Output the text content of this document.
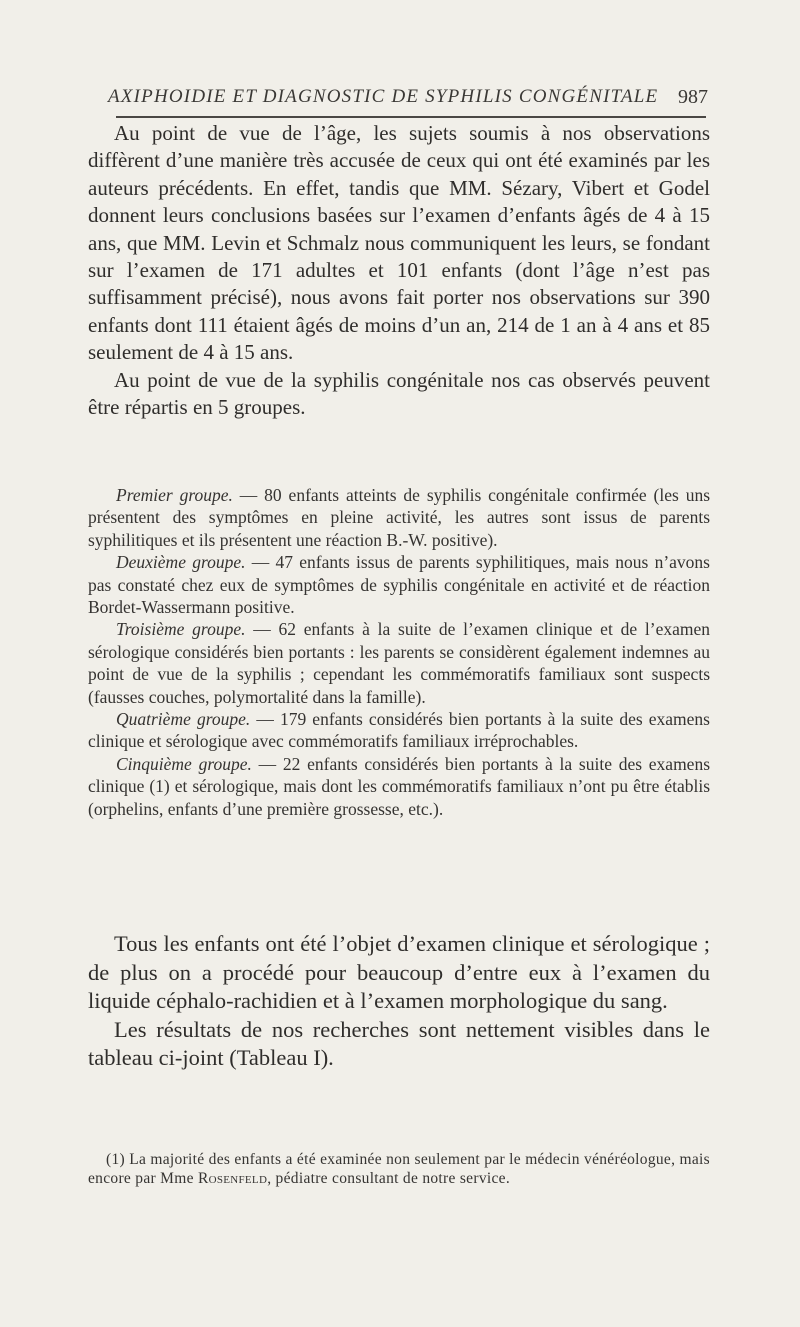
AXIPHOIDIE ET DIAGNOSTIC DE SYPHILIS CONGÉNITALE 987

Au point de vue de l’âge, les sujets soumis à nos observations diffèrent d’une manière très accusée de ceux qui ont été examinés par les auteurs précédents. En effet, tandis que MM. Sézary, Vibert et Godel donnent leurs conclusions basées sur l’examen d’enfants âgés de 4 à 15 ans, que MM. Levin et Schmalz nous communiquent les leurs, se fondant sur l’examen de 171 adultes et 101 enfants (dont l’âge n’est pas suffisamment précisé), nous avons fait porter nos observations sur 390 enfants dont 111 étaient âgés de moins d’un an, 214 de 1 an à 4 ans et 85 seulement de 4 à 15 ans.

Au point de vue de la syphilis congénitale nos cas observés peuvent être répartis en 5 groupes.

Premier groupe. — 80 enfants atteints de syphilis congénitale confirmée (les uns présentent des symptômes en pleine activité, les autres sont issus de parents syphilitiques et ils présentent une réaction B.-W. positive).

Deuxième groupe. — 47 enfants issus de parents syphilitiques, mais nous n’avons pas constaté chez eux de symptômes de syphilis congénitale en activité et de réaction Bordet-Wassermann positive.

Troisième groupe. — 62 enfants à la suite de l’examen clinique et de l’examen sérologique considérés bien portants : les parents se considèrent également indemnes au point de vue de la syphilis ; cependant les commémoratifs familiaux sont suspects (fausses couches, polymortalité dans la famille).

Quatrième groupe. — 179 enfants considérés bien portants à la suite des examens clinique et sérologique avec commémoratifs familiaux irréprochables.

Cinquième groupe. — 22 enfants considérés bien portants à la suite des examens clinique (1) et sérologique, mais dont les commémoratifs familiaux n’ont pu être établis (orphelins, enfants d’une première grossesse, etc.).

Tous les enfants ont été l’objet d’examen clinique et sérologique ; de plus on a procédé pour beaucoup d’entre eux à l’examen du liquide céphalo-rachidien et à l’examen morphologique du sang.

Les résultats de nos recherches sont nettement visibles dans le tableau ci-joint (Tableau I).

(1) La majorité des enfants a été examinée non seulement par le médecin vénéréologue, mais encore par Mme Rosenfeld, pédiatre consultant de notre service.
